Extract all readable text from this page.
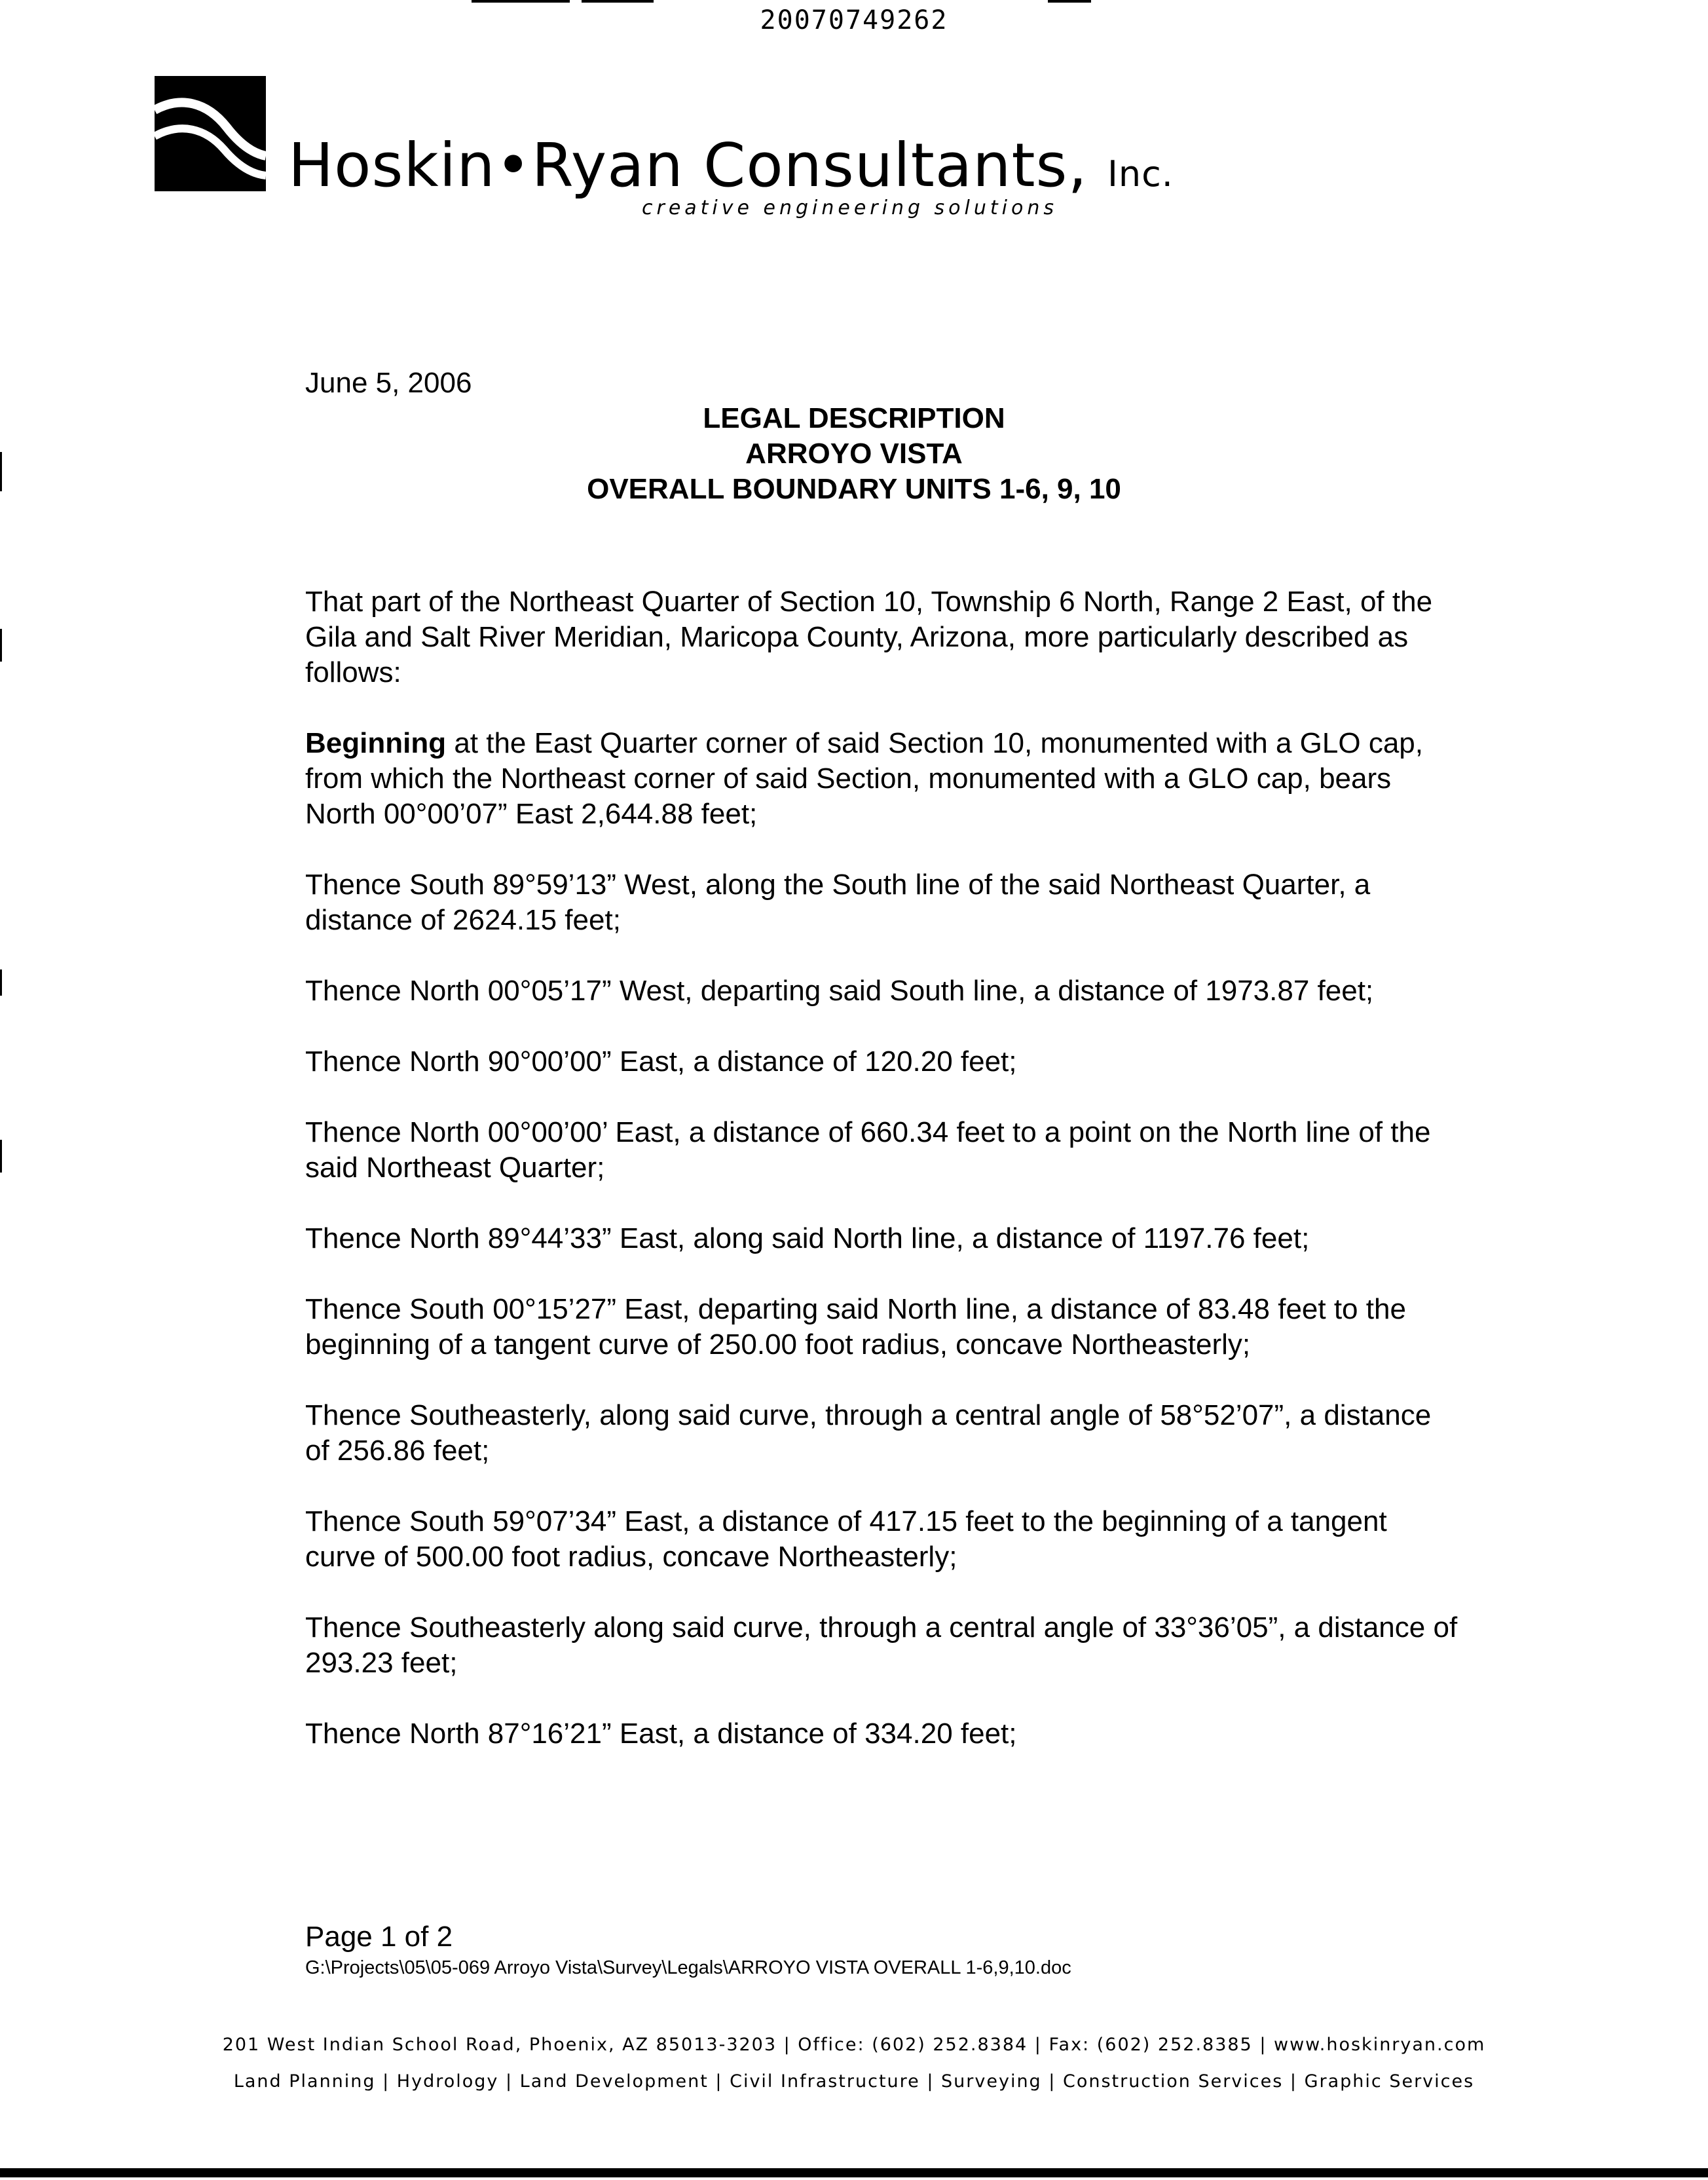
20070749262
Hoskin•Ryan Consultants, Inc.
creative engineering solutions
June 5, 2006
LEGAL DESCRIPTION
ARROYO VISTA
OVERALL BOUNDARY UNITS 1-6, 9, 10

That part of the Northeast Quarter of Section 10, Township 6 North, Range 2 East, of the Gila and Salt River Meridian, Maricopa County, Arizona, more particularly described as follows:

Beginning at the East Quarter corner of said Section 10, monumented with a GLO cap, from which the Northeast corner of said Section, monumented with a GLO cap, bears North 00°00’07” East 2,644.88 feet;

Thence South 89°59’13” West, along the South line of the said Northeast Quarter, a distance of 2624.15 feet;

Thence North 00°05’17” West, departing said South line, a distance of 1973.87 feet;

Thence North 90°00’00” East, a distance of 120.20 feet;

Thence North 00°00’00’ East, a distance of 660.34 feet to a point on the North line of the said Northeast Quarter;

Thence North 89°44’33” East, along said North line, a distance of 1197.76 feet;

Thence South 00°15’27” East, departing said North line, a distance of 83.48 feet to the beginning of a tangent curve of 250.00 foot radius, concave Northeasterly;

Thence Southeasterly, along said curve, through a central angle of 58°52’07”, a distance of 256.86 feet;

Thence South 59°07’34” East, a distance of 417.15 feet to the beginning of a tangent curve of 500.00 foot radius, concave Northeasterly;

Thence Southeasterly along said curve, through a central angle of 33°36’05”, a distance of 293.23 feet;

Thence North 87°16’21” East, a distance of 334.20 feet;

Page 1 of 2
G:\Projects\05\05-069 Arroyo Vista\Survey\Legals\ARROYO VISTA OVERALL 1-6,9,10.doc
201 West Indian School Road, Phoenix, AZ 85013-3203 | Office: (602) 252.8384 | Fax: (602) 252.8385 | www.hoskinryan.com
Land Planning | Hydrology | Land Development | Civil Infrastructure | Surveying | Construction Services | Graphic Services
